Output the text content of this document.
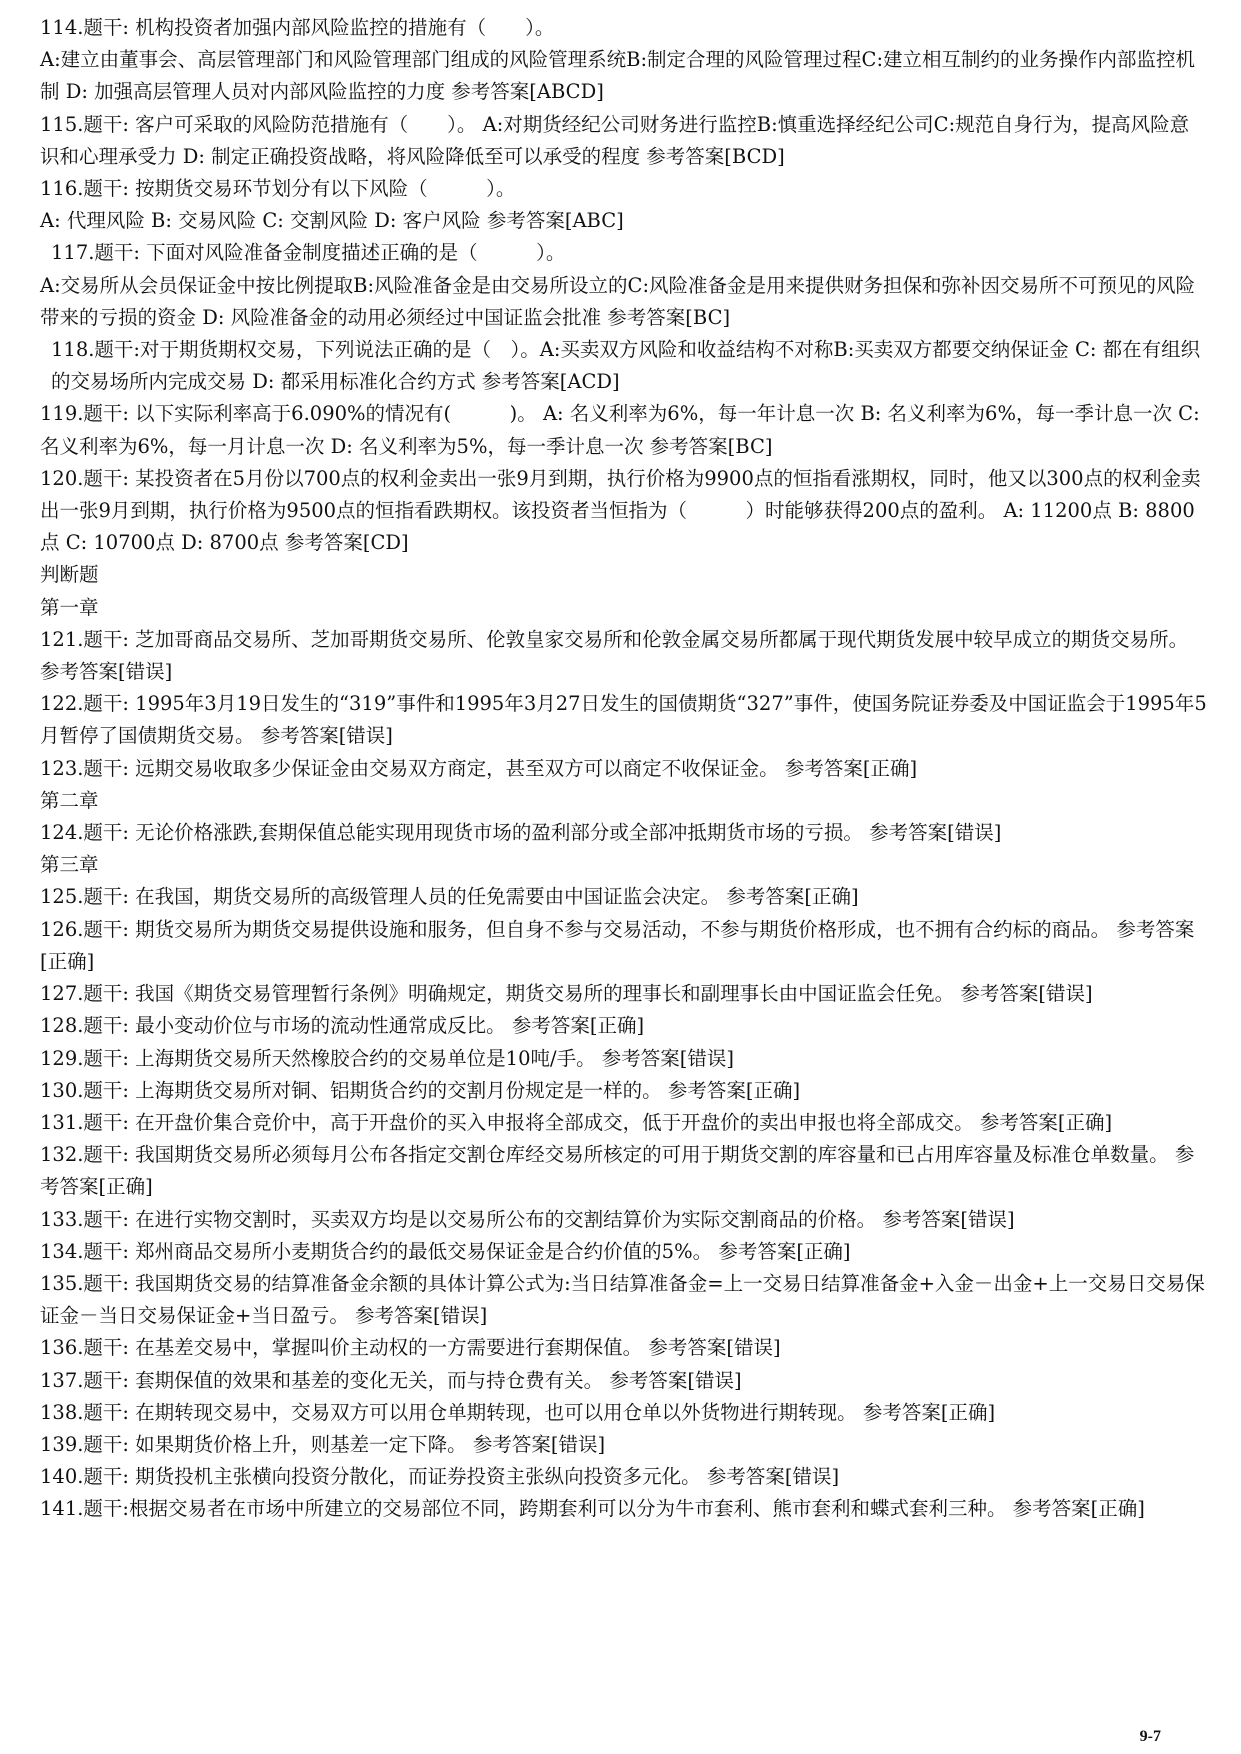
114.题干: 机构投资者加强内部风险监控的措施有（　　）。

A:建立由董事会、高层管理部门和风险管理部门组成的风险管理系统B:制定合理的风险管理过程C:建立相互制约的业务操作内部监控机制 D: 加强高层管理人员对内部风险监控的力度 参考答案[ABCD]

115.题干: 客户可采取的风险防范措施有（　　）。 A:对期货经纪公司财务进行监控B:慎重选择经纪公司C:规范自身行为，提高风险意识和心理承受力 D: 制定正确投资战略，将风险降低至可以承受的程度 参考答案[BCD]

116.题干: 按期货交易环节划分有以下风险（　　　）。

A: 代理风险 B: 交易风险 C: 交割风险 D: 客户风险 参考答案[ABC]

117.题干: 下面对风险准备金制度描述正确的是（　　　）。

A:交易所从会员保证金中按比例提取B:风险准备金是由交易所设立的C:风险准备金是用来提供财务担保和弥补因交易所不可预见的风险带来的亏损的资金 D: 风险准备金的动用必须经过中国证监会批准 参考答案[BC]

118.题干:对于期货期权交易，下列说法正确的是（　）。A:买卖双方风险和收益结构不对称B:买卖双方都要交纳保证金 C: 都在有组织的交易场所内完成交易 D: 都采用标准化合约方式 参考答案[ACD]

119.题干: 以下实际利率高于6.090%的情况有(　　　)。 A: 名义利率为6%，每一年计息一次 B: 名义利率为6%，每一季计息一次 C: 名义利率为6%，每一月计息一次 D: 名义利率为5%，每一季计息一次 参考答案[BC]

120.题干: 某投资者在5月份以700点的权利金卖出一张9月到期，执行价格为9900点的恒指看涨期权，同时，他又以300点的权利金卖出一张9月到期，执行价格为9500点的恒指看跌期权。该投资者当恒指为（　　　）时能够获得200点的盈利。 A: 11200点 B: 8800点 C: 10700点 D: 8700点 参考答案[CD]

判断题

第一章

121.题干: 芝加哥商品交易所、芝加哥期货交易所、伦敦皇家交易所和伦敦金属交易所都属于现代期货发展中较早成立的期货交易所。 参考答案[错误]

122.题干: 1995年3月19日发生的“319”事件和1995年3月27日发生的国债期货“327”事件，使国务院证券委及中国证监会于1995年5月暂停了国债期货交易。 参考答案[错误]

123.题干: 远期交易收取多少保证金由交易双方商定，甚至双方可以商定不收保证金。 参考答案[正确]

第二章

124.题干: 无论价格涨跌,套期保值总能实现用现货市场的盈利部分或全部冲抵期货市场的亏损。 参考答案[错误]

第三章

125.题干: 在我国，期货交易所的高级管理人员的任免需要由中国证监会决定。 参考答案[正确]

126.题干: 期货交易所为期货交易提供设施和服务，但自身不参与交易活动，不参与期货价格形成，也不拥有合约标的商品。 参考答案[正确]

127.题干: 我国《期货交易管理暂行条例》明确规定，期货交易所的理事长和副理事长由中国证监会任免。 参考答案[错误]

128.题干: 最小变动价位与市场的流动性通常成反比。 参考答案[正确]

129.题干: 上海期货交易所天然橡胶合约的交易单位是10吨/手。 参考答案[错误]

130.题干: 上海期货交易所对铜、铝期货合约的交割月份规定是一样的。 参考答案[正确]

131.题干: 在开盘价集合竞价中，高于开盘价的买入申报将全部成交，低于开盘价的卖出申报也将全部成交。 参考答案[正确]

132.题干: 我国期货交易所必须每月公布各指定交割仓库经交易所核定的可用于期货交割的库容量和已占用库容量及标准仓单数量。 参考答案[正确]

133.题干: 在进行实物交割时，买卖双方均是以交易所公布的交割结算价为实际交割商品的价格。 参考答案[错误]

134.题干: 郑州商品交易所小麦期货合约的最低交易保证金是合约价值的5%。 参考答案[正确]

135.题干: 我国期货交易的结算准备金余额的具体计算公式为:当日结算准备金=上一交易日结算准备金+入金－出金+上一交易日交易保证金－当日交易保证金+当日盈亏。 参考答案[错误]

136.题干: 在基差交易中，掌握叫价主动权的一方需要进行套期保值。 参考答案[错误]

137.题干: 套期保值的效果和基差的变化无关，而与持仓费有关。 参考答案[错误]

138.题干: 在期转现交易中，交易双方可以用仓单期转现，也可以用仓单以外货物进行期转现。 参考答案[正确]

139.题干: 如果期货价格上升，则基差一定下降。 参考答案[错误]

140.题干: 期货投机主张横向投资分散化，而证券投资主张纵向投资多元化。 参考答案[错误]

141.题干:根据交易者在市场中所建立的交易部位不同，跨期套利可以分为牛市套利、熊市套利和蝶式套利三种。 参考答案[正确]

9-7
